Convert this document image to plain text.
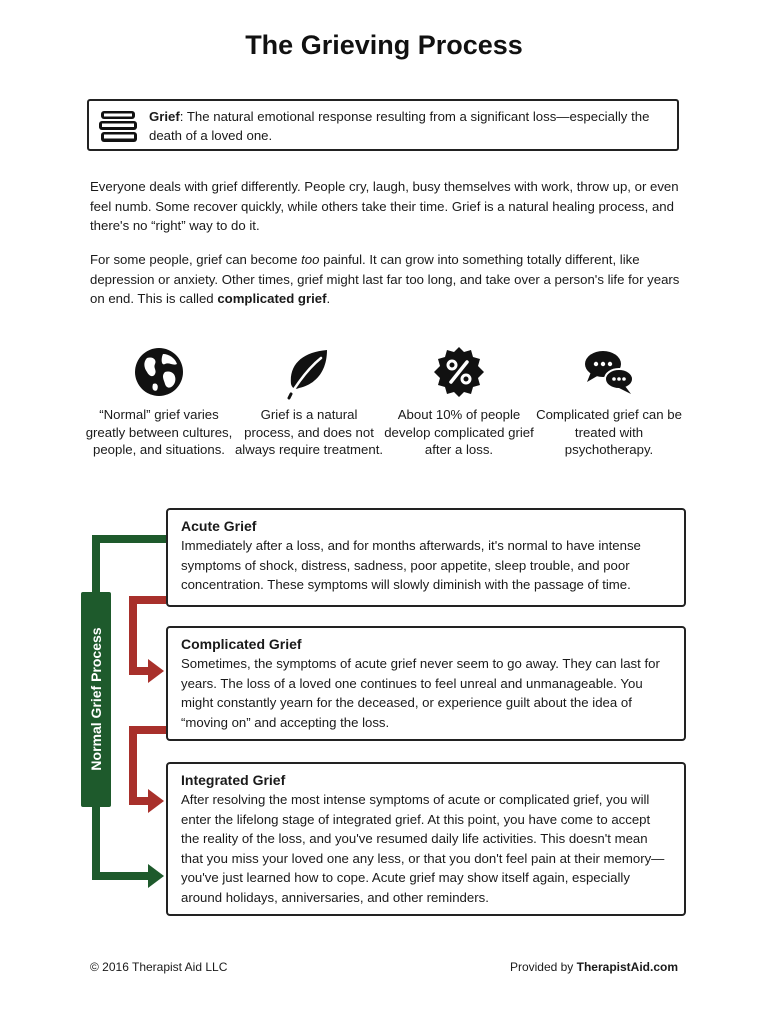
The Grieving Process
Grief: The natural emotional response resulting from a significant loss—especially the death of a loved one.
Everyone deals with grief differently. People cry, laugh, busy themselves with work, throw up, or even feel numb. Some recover quickly, while others take their time. Grief is a natural healing process, and there's no “right” way to do it.
For some people, grief can become too painful. It can grow into something totally different, like depression or anxiety. Other times, grief might last far too long, and take over a person's life for years on end. This is called complicated grief.
“Normal” grief varies greatly between cultures, people, and situations.
Grief is a natural process, and does not always require treatment.
About 10% of people develop complicated grief after a loss.
Complicated grief can be treated with psychotherapy.
Normal Grief Process
Acute Grief
Immediately after a loss, and for months afterwards, it's normal to have intense symptoms of shock, distress, sadness, poor appetite, sleep trouble, and poor concentration. These symptoms will slowly diminish with the passage of time.
Complicated Grief
Sometimes, the symptoms of acute grief never seem to go away. They can last for years. The loss of a loved one continues to feel unreal and unmanageable. You might constantly yearn for the deceased, or experience guilt about the idea of “moving on” and accepting the loss.
Integrated Grief
After resolving the most intense symptoms of acute or complicated grief, you will enter the lifelong stage of integrated grief. At this point, you have come to accept the reality of the loss, and you've resumed daily life activities. This doesn't mean that you miss your loved one any less, or that you don't feel pain at their memory—you've just learned how to cope. Acute grief may show itself again, especially around holidays, anniversaries, and other reminders.
© 2016 Therapist Aid LLC	Provided by TherapistAid.com
